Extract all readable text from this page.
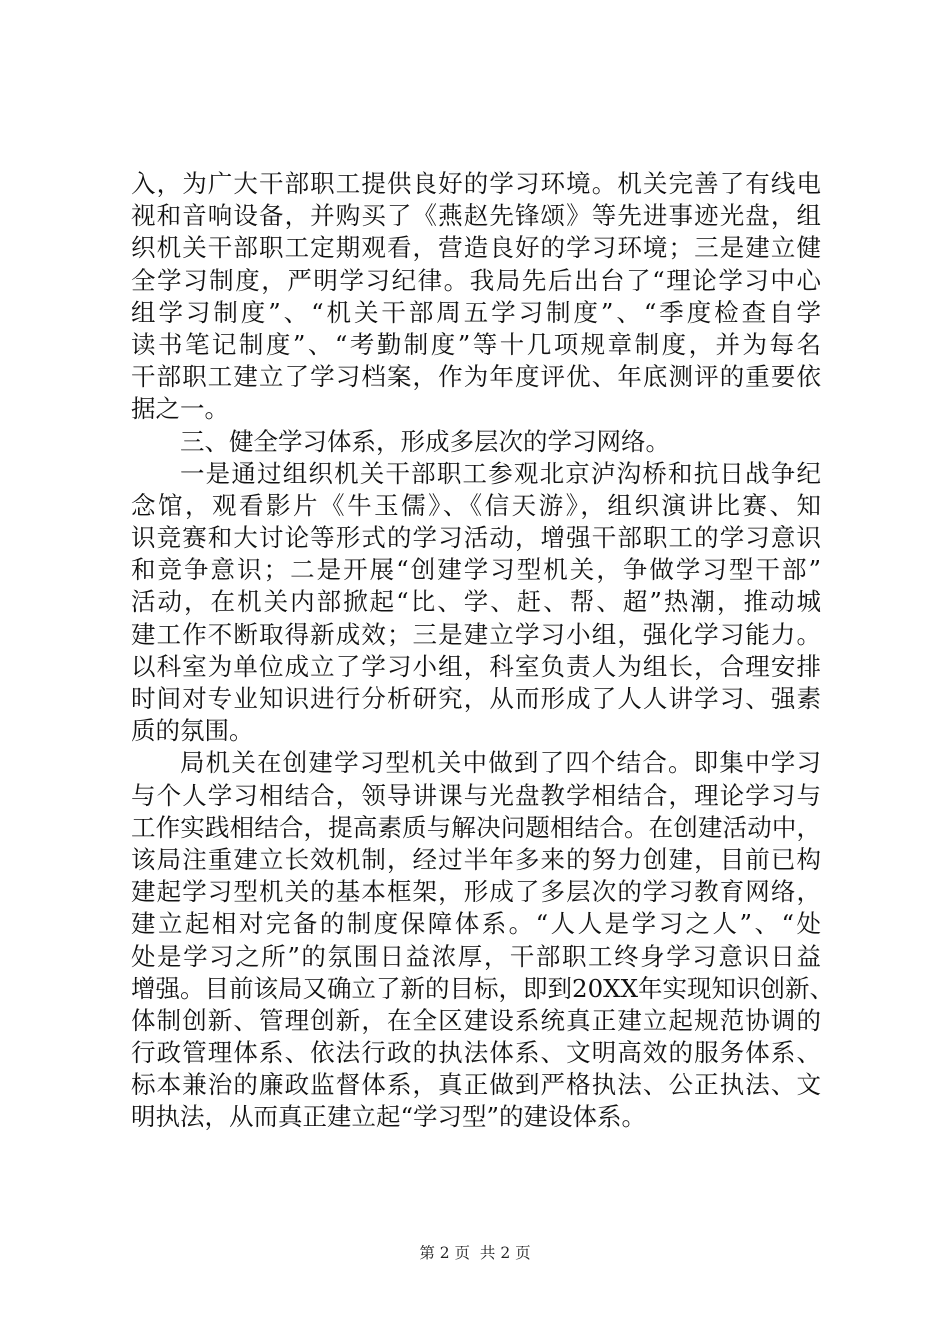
入，为广大干部职工提供良好的学习环境。机关完善了有线电
视和音响设备，并购买了《燕赵先锋颂》等先进事迹光盘，组
织机关干部职工定期观看，营造良好的学习环境；三是建立健
全学习制度，严明学习纪律。我局先后出台了“理论学习中心
组学习制度”、“机关干部周五学习制度”、“季度检查自学
读书笔记制度”、“考勤制度”等十几项规章制度，并为每名
干部职工建立了学习档案，作为年度评优、年底测评的重要依
据之一。
三、健全学习体系，形成多层次的学习网络。
一是通过组织机关干部职工参观北京泸沟桥和抗日战争纪
念馆，观看影片《牛玉儒》、《信天游》，组织演讲比赛、知
识竞赛和大讨论等形式的学习活动，增强干部职工的学习意识
和竞争意识；二是开展“创建学习型机关，争做学习型干部”
活动，在机关内部掀起“比、学、赶、帮、超”热潮，推动城
建工作不断取得新成效；三是建立学习小组，强化学习能力。
以科室为单位成立了学习小组，科室负责人为组长，合理安排
时间对专业知识进行分析研究，从而形成了人人讲学习、强素
质的氛围。
局机关在创建学习型机关中做到了四个结合。即集中学习
与个人学习相结合，领导讲课与光盘教学相结合，理论学习与
工作实践相结合，提高素质与解决问题相结合。在创建活动中，
该局注重建立长效机制，经过半年多来的努力创建，目前已构
建起学习型机关的基本框架，形成了多层次的学习教育网络，
建立起相对完备的制度保障体系。“人人是学习之人”、“处
处是学习之所”的氛围日益浓厚，干部职工终身学习意识日益
增强。目前该局又确立了新的目标，即到20XX年实现知识创新、
体制创新、管理创新，在全区建设系统真正建立起规范协调的
行政管理体系、依法行政的执法体系、文明高效的服务体系、
标本兼治的廉政监督体系，真正做到严格执法、公正执法、文
明执法，从而真正建立起“学习型”的建设体系。
第 2 页  共 2 页
